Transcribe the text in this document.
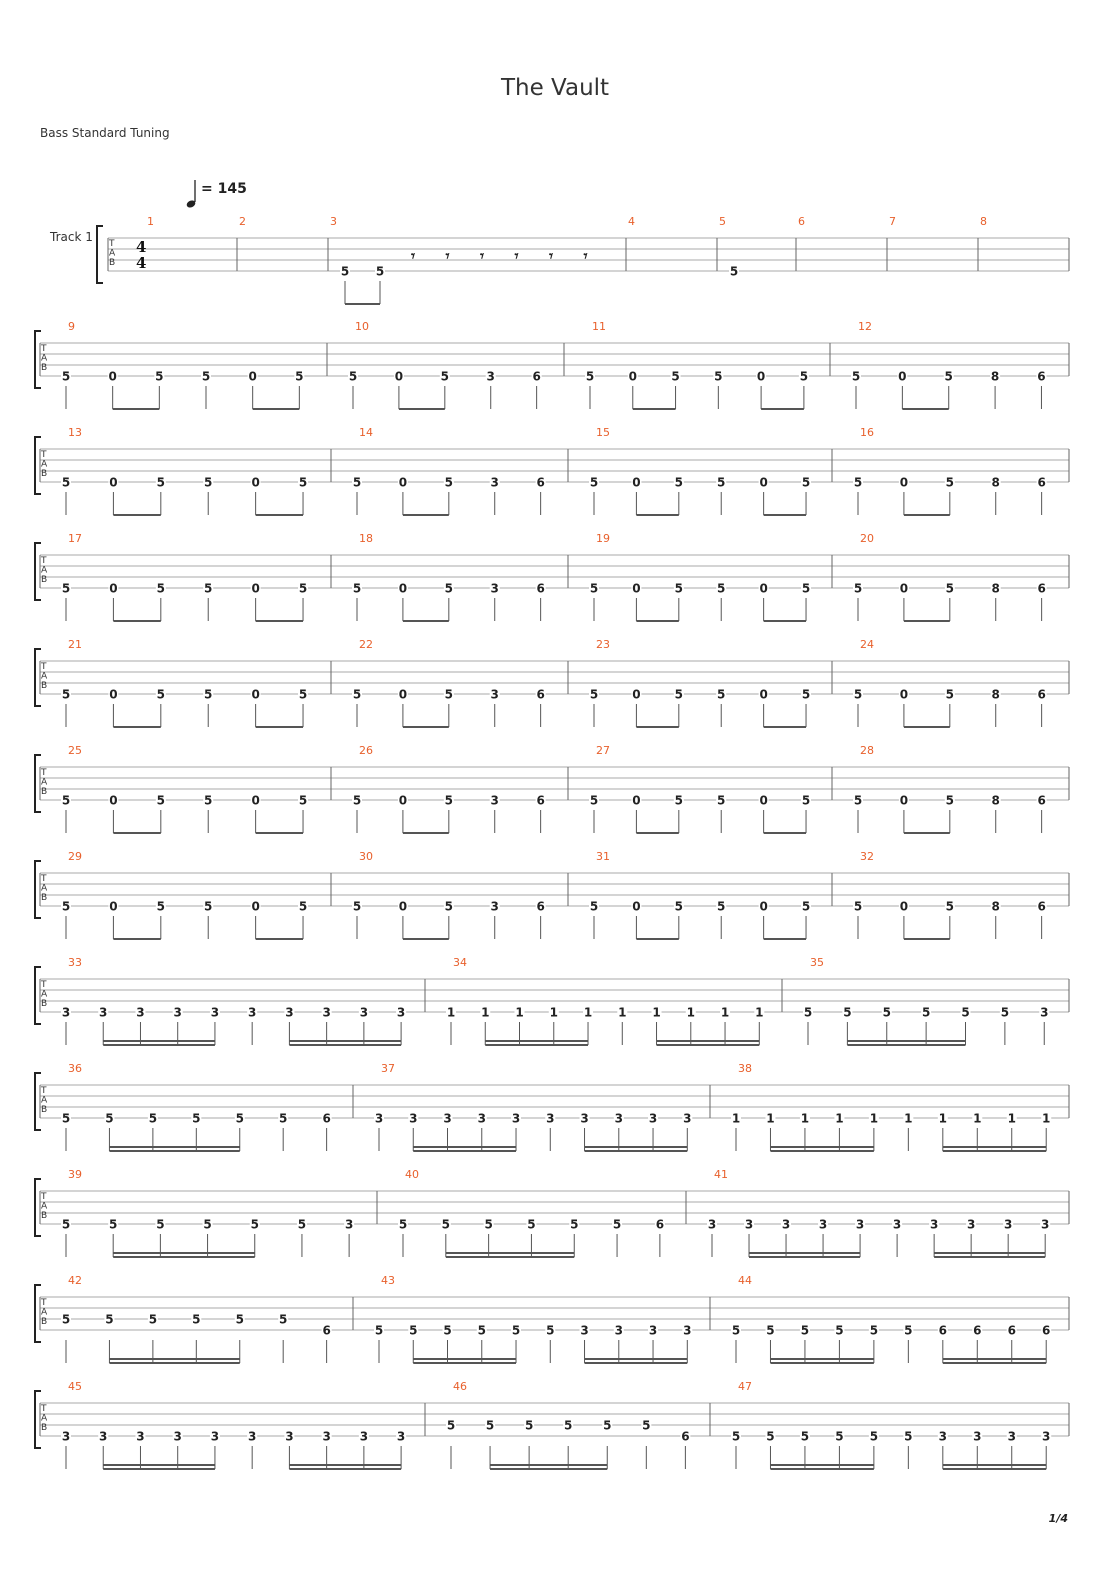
The Vault
Bass Standard Tuning
= 145
Track 1 T
A
B
4
4
1	2	3
5 5
𝄾 𝄾 𝄾 𝄾 𝄾 𝄾
4	5
5
6	7	8
T
A
B
9
5	0	5	5	0	5
10
5	0	5	3	6
11
5	0	5	5	0	5
12
5	0	5	8	6
T
A
B
13
5	0	5	5	0	5
14
5	0	5	3	6
15
5	0	5	5	0	5
16
5	0	5	8	6
T
A
B
17
5	0	5	5	0	5
18
5	0	5	3	6
19
5	0	5	5	0	5
20
5	0	5	8	6
T
A
B
21
5	0	5	5	0	5
22
5	0	5	3	6
23
5	0	5	5	0	5
24
5	0	5	8	6
T
A
B
25
5	0	5	5	0	5
26
5	0	5	3	6
27
5	0	5	5	0	5
28
5	0	5	8	6
T
A
B
29
5	0	5	5	0	5
30
5	0	5	3	6
31
5	0	5	5	0	5
32
5	0	5	8	6
T
A
B
33
3 3 3 3 3 3 3 3 3 3
34
1 1 1 1 1 1 1 1 1 1
35
5	5	5	5	5	5	3
T
A
B
36
5	5	5	5	5	5	6
37
3 3 3 3 3 3 3 3 3 3
38
1 1 1 1 1 1 1 1 1 1
T
A
B
39
5	5	5	5	5	5	3
40
5	5	5	5	5	5	6
41
3 3 3 3 3 3 3 3 3 3
T
A
B
42
5	5	5	5	5	5
6
43
5 5 5 5 5 5 3 3 3 3
44
5 5 5 5 5 5 6 6 6 6
T
A
B
45
3 3 3 3 3 3 3 3 3 3
46
5	5	5	5	5	5
6
47
5 5 5 5 5 5 3 3 3 3
1/4
